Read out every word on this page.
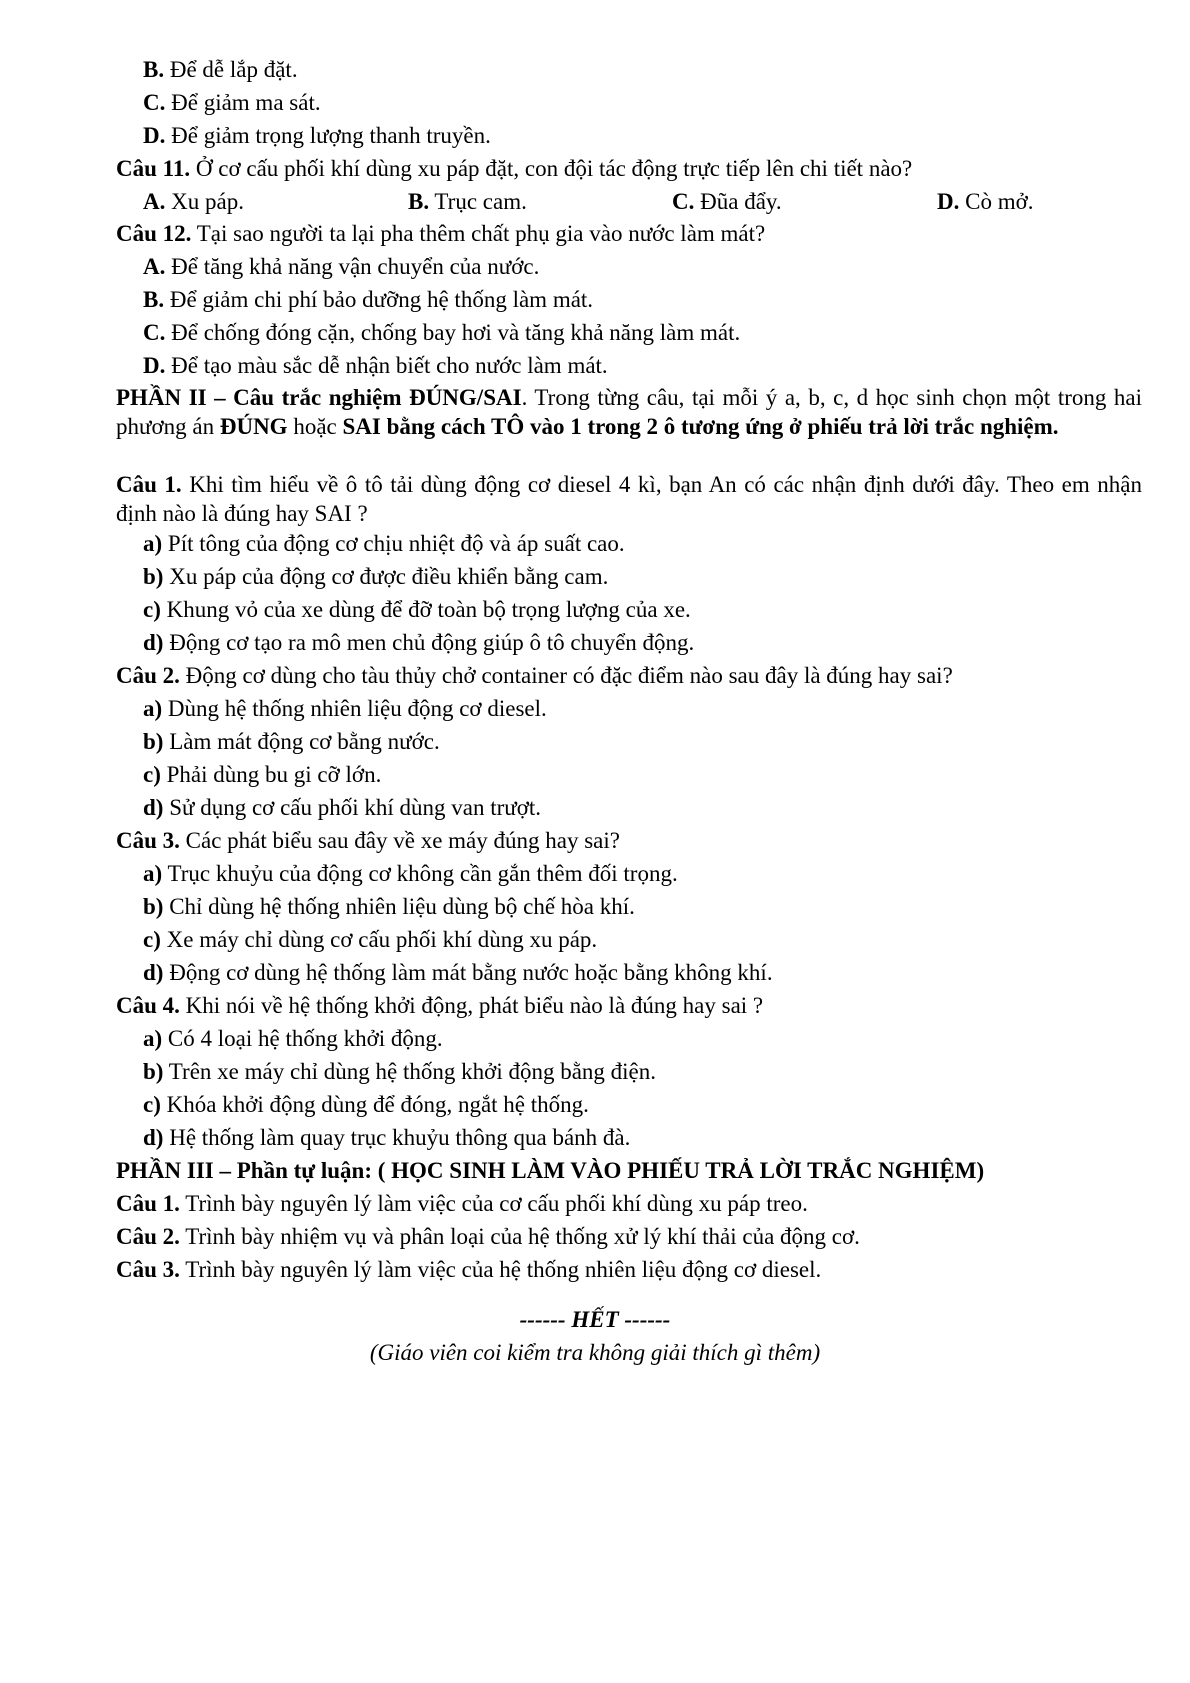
B. Để dễ lắp đặt.
C. Để giảm ma sát.
D. Để giảm trọng lượng thanh truyền.
Câu 11. Ở cơ cấu phối khí dùng xu páp đặt, con đội tác động trực tiếp lên chi tiết nào?
A. Xu páp.	B. Trục cam.	C. Đũa đẩy.	D. Cò mở.
Câu 12. Tại sao người ta lại pha thêm chất phụ gia vào nước làm mát?
A. Để tăng khả năng vận chuyển của nước.
B. Để giảm chi phí bảo dưỡng hệ thống làm mát.
C. Để chống đóng cặn, chống bay hơi và tăng khả năng làm mát.
D. Để tạo màu sắc dễ nhận biết cho nước làm mát.
PHẦN II – Câu trắc nghiệm ĐÚNG/SAI. Trong từng câu, tại mỗi ý a, b, c, d học sinh chọn một trong hai phương án ĐÚNG hoặc SAI bằng cách TÔ vào 1 trong 2 ô tương ứng ở phiếu trả lời trắc nghiệm.
Câu 1. Khi tìm hiểu về ô tô tải dùng động cơ diesel 4 kì, bạn An có các nhận định dưới đây. Theo em nhận định nào là đúng hay SAI ?
a) Pít tông của động cơ chịu nhiệt độ và áp suất cao.
b) Xu páp của động cơ được điều khiển bằng cam.
c) Khung vỏ của xe dùng để đỡ toàn bộ trọng lượng của xe.
d) Động cơ tạo ra mô men chủ động giúp ô tô chuyển động.
Câu 2. Động cơ dùng cho tàu thủy chở container có đặc điểm nào sau đây là đúng hay sai?
a) Dùng hệ thống nhiên liệu động cơ diesel.
b) Làm mát động cơ bằng nước.
c) Phải dùng bu gi cỡ lớn.
d) Sử dụng cơ cấu phối khí dùng van trượt.
Câu 3. Các phát biểu sau đây về xe máy đúng hay sai?
a) Trục khuỷu của động cơ không cần gắn thêm đối trọng.
b) Chỉ dùng hệ thống nhiên liệu dùng bộ chế hòa khí.
c) Xe máy chỉ dùng cơ cấu phối khí dùng xu páp.
d) Động cơ dùng hệ thống làm mát bằng nước hoặc bằng không khí.
Câu 4. Khi nói về hệ thống khởi động, phát biểu nào là đúng hay sai ?
a) Có 4 loại hệ thống khởi động.
b) Trên xe máy chỉ dùng hệ thống khởi động bằng điện.
c) Khóa khởi động dùng để đóng, ngắt hệ thống.
d) Hệ thống làm quay trục khuỷu thông qua bánh đà.
PHẦN III – Phần tự luận: ( HỌC SINH LÀM VÀO PHIẾU TRẢ LỜI TRẮC NGHIỆM)
Câu 1. Trình bày nguyên lý làm việc của cơ cấu phối khí dùng xu páp treo.
Câu 2. Trình bày nhiệm vụ và phân loại của hệ thống xử lý khí thải của động cơ.
Câu 3. Trình bày nguyên lý làm việc của hệ thống nhiên liệu động cơ diesel.
------ HẾT ------
(Giáo viên coi kiểm tra không giải thích gì thêm)
